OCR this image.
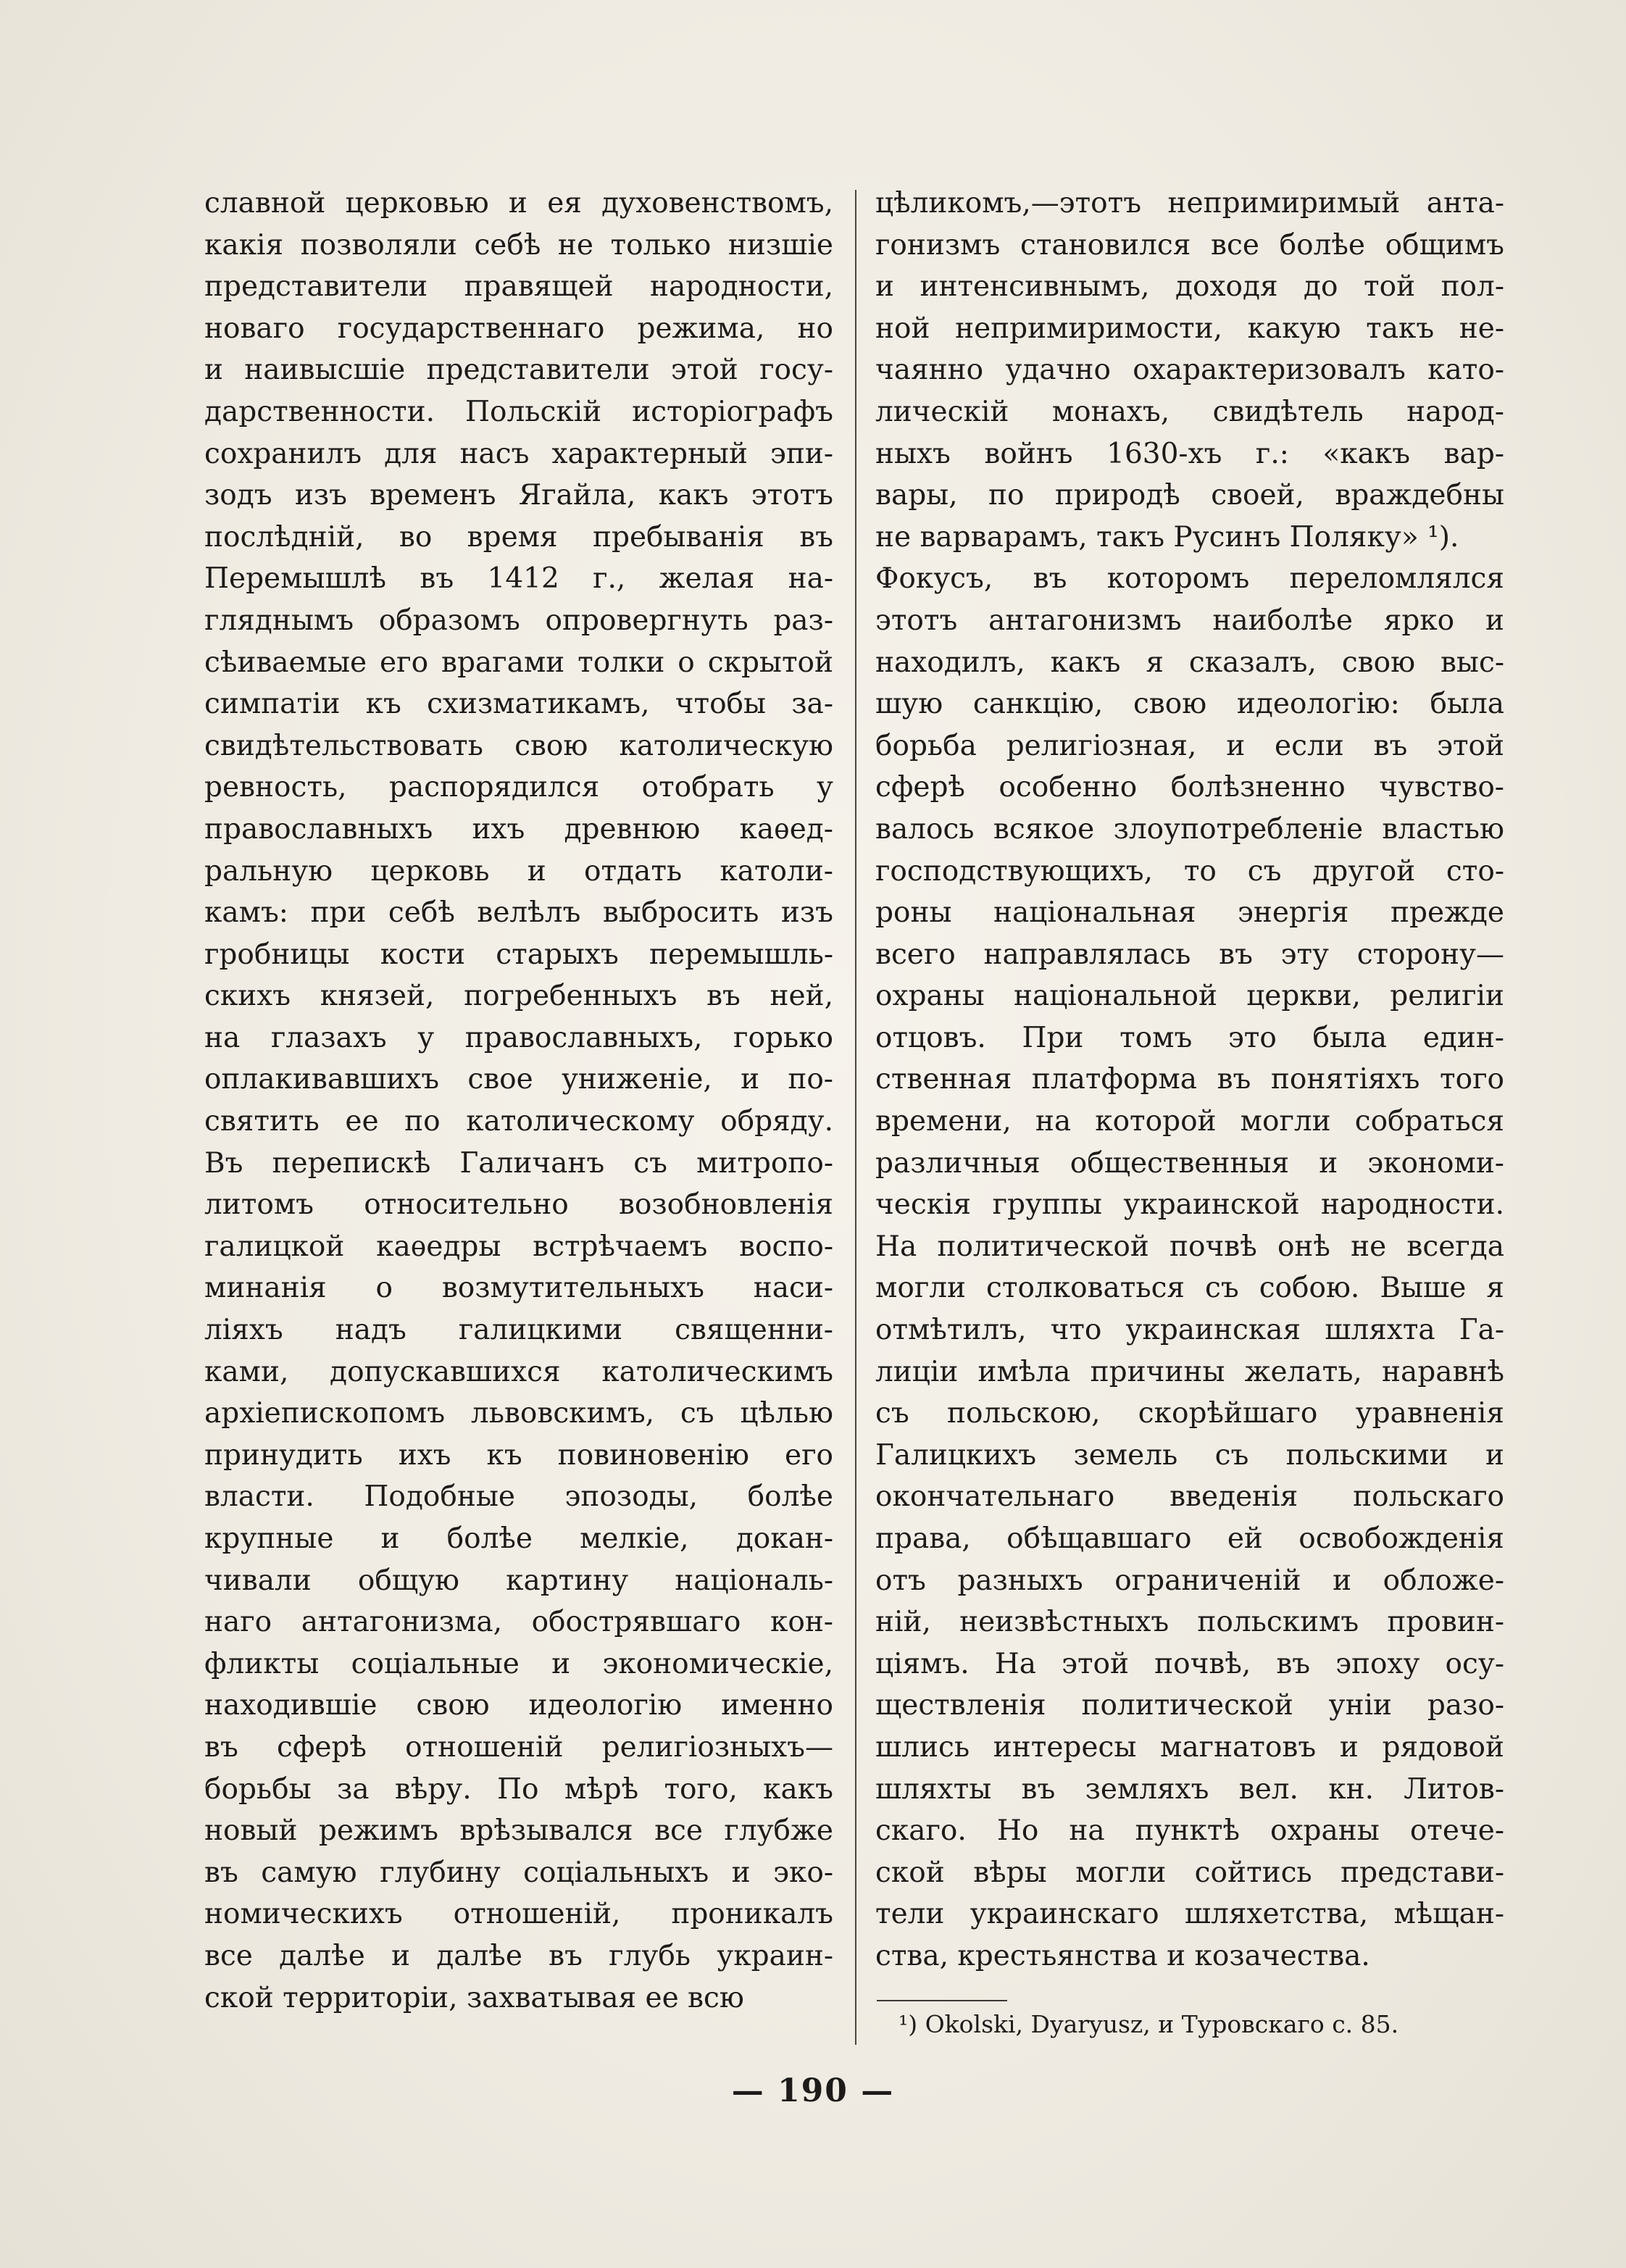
славной церковью и ея духовенствомъ,
какія позволяли себѣ не только низшіе
представители правящей народности,
новаго государственнаго режима, но
и наивысшіе представители этой госу-
дарственности. Польскій исторіографъ
сохранилъ для насъ характерный эпи-
зодъ изъ временъ Ягайла, какъ этотъ
послѣдній, во время пребыванія въ
Перемышлѣ въ 1412 г., желая на-
гляднымъ образомъ опровергнуть раз-
сѣиваемые его врагами толки о скрытой
симпатіи къ схизматикамъ, чтобы за-
свидѣтельствовать свою католическую
ревность, распорядился отобрать у
православныхъ ихъ древнюю каѳед-
ральную церковь и отдать католи-
камъ: при себѣ велѣлъ выбросить изъ
гробницы кости старыхъ перемышль-
скихъ князей, погребенныхъ въ ней,
на глазахъ у православныхъ, горько
оплакивавшихъ свое униженіе, и по-
святить ее по католическому обряду.
Въ перепискѣ Галичанъ съ митропо-
литомъ относительно возобновленія
галицкой каѳедры встрѣчаемъ воспо-
минанія о возмутительныхъ наси-
ліяхъ надъ галицкими священни-
ками, допускавшихся католическимъ
архіепископомъ львовскимъ, съ цѣлью
принудить ихъ къ повиновенію его
власти. Подобные эпозоды, болѣе
крупные и болѣе мелкіе, докан-
чивали общую картину національ-
наго антагонизма, обострявшаго кон-
фликты соціальные и экономическіе,
находившіе свою идеологію именно
въ сферѣ отношеній религіозныхъ—
борьбы за вѣру. По мѣрѣ того, какъ
новый режимъ врѣзывался все глубже
въ самую глубину соціальныхъ и эко-
номическихъ отношеній, проникалъ
все далѣе и далѣе въ глубь украин-
ской территоріи, захватывая ее всю
цѣликомъ,—этотъ непримиримый анта-
гонизмъ становился все болѣе общимъ
и интенсивнымъ, доходя до той пол-
ной непримиримости, какую такъ не-
чаянно удачно охарактеризовалъ като-
лическій монахъ, свидѣтель народ-
ныхъ войнъ 1630-хъ г.: «какъ вар-
вары, по природѣ своей, враждебны
не варварамъ, такъ Русинъ Поляку» ¹).
Фокусъ, въ которомъ переломлялся
этотъ антагонизмъ наиболѣе ярко и
находилъ, какъ я сказалъ, свою выс-
шую санкцію, свою идеологію: была
борьба религіозная, и если въ этой
сферѣ особенно болѣзненно чувство-
валось всякое злоупотребленіе властью
господствующихъ, то съ другой сто-
роны національная энергія прежде
всего направлялась въ эту сторону—
охраны національной церкви, религіи
отцовъ. При томъ это была един-
ственная платформа въ понятіяхъ того
времени, на которой могли собраться
различныя общественныя и экономи-
ческія группы украинской народности.
На политической почвѣ онѣ не всегда
могли столковаться съ собою. Выше я
отмѣтилъ, что украинская шляхта Га-
лиціи имѣла причины желать, наравнѣ
съ польскою, скорѣйшаго уравненія
Галицкихъ земель съ польскими и
окончательнаго введенія польскаго
права, обѣщавшаго ей освобожденія
отъ разныхъ ограниченій и обложе-
ній, неизвѣстныхъ польскимъ провин-
ціямъ. На этой почвѣ, въ эпоху осу-
ществленія политической уніи разо-
шлись интересы магнатовъ и рядовой
шляхты въ земляхъ вел. кн. Литов-
скаго. Но на пунктѣ охраны отече-
ской вѣры могли сойтись представи-
тели украинскаго шляхетства, мѣщан-
ства, крестьянства и козачества.
¹) Okolski, Dyaryusz, и Туровскаго с. 85.
— 190 —
